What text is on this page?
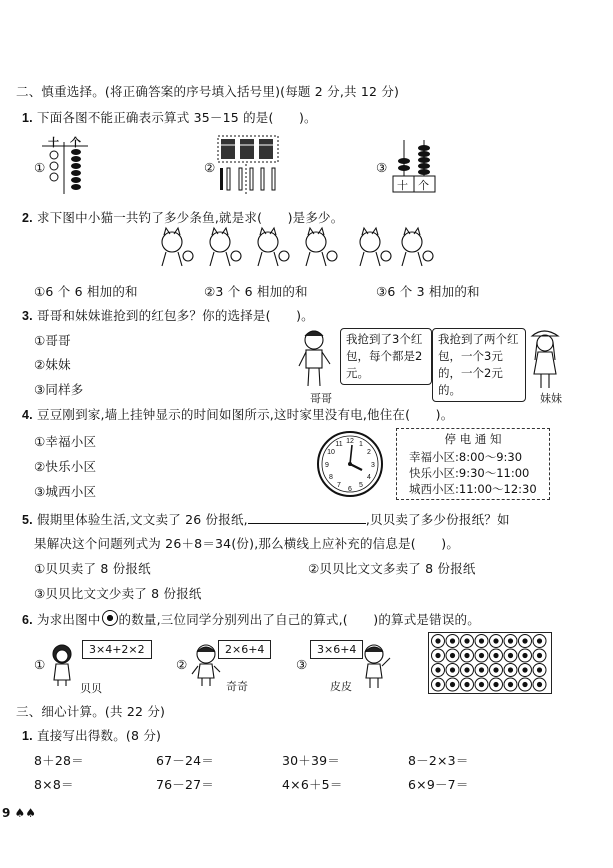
二、慎重选择。(将正确答案的序号填入括号里)(每题 2 分,共 12 分)
1. 下面各图不能正确表示算式 35－15 的是(　　)。
①
十 个
②	③
十 个
2. 求下图中小猫一共钓了多少条鱼,就是求(　　)是多少。
①6 个 6 相加的和	②3 个 6 相加的和	③6 个 3 相加的和
3. 哥哥和妹妹谁抢到的红包多？你的选择是(　　)。
①哥哥
②妹妹
③同样多
我抢到了3个红包，每个都是2元。
我抢到了两个红包，一个3元的，一个2元的。
哥哥	妹妹
4. 豆豆刚到家,墙上挂钟显示的时间如图所示,这时家里没有电,他住在(　　)。
①幸福小区
②快乐小区
③城西小区
12 1
2
3
4
5
6
7
8
9
10
11	停 电 通 知
幸福小区:8:00～9:30
快乐小区:9:30～11:00
城西小区:11:00～12:30
5. 假期里体验生活,文文卖了 26 份报纸,	,贝贝卖了多少份报纸？如
果解决这个问题列式为 26＋8＝34(份),那么横线上应补充的信息是(　　)。
①贝贝卖了 8 份报纸	②贝贝比文文多卖了 8 份报纸
③贝贝比文文少卖了 8 份报纸
6. 为求出图中 的数量,三位同学分别列出了自己的算式,(　　)的算式是错误的。
①
3×4+2×2
贝贝
②
2×6+4
奇奇
③
3×6+4
皮皮
三、细心计算。(共 22 分)
1. 直接写出得数。(8 分)
8＋28＝	67－24＝	30＋39＝	8－2×3＝
8×8＝	76－27＝	4×6＋5＝	6×9－7＝
9 ♠♠
